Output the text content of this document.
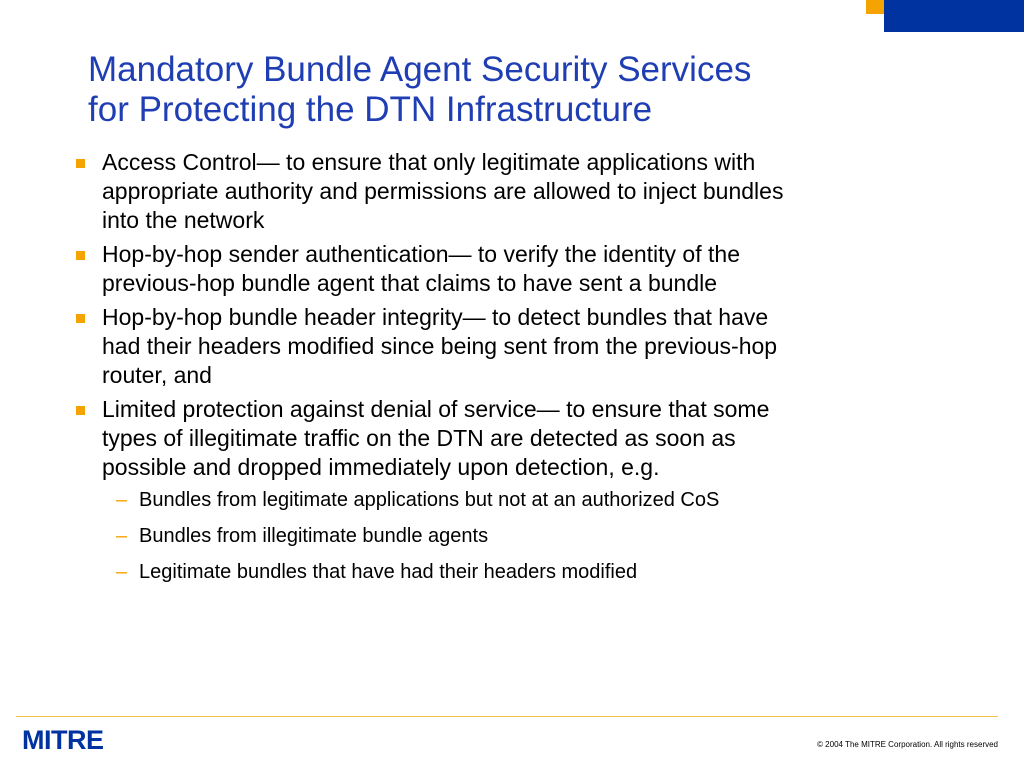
Mandatory Bundle Agent Security Services
for Protecting the DTN Infrastructure
Access Control— to ensure that only legitimate applications with
appropriate authority and permissions are allowed to inject bundles
into the network
Hop-by-hop sender authentication— to verify the identity of the
previous-hop bundle agent that claims to have sent a bundle
Hop-by-hop bundle header integrity— to detect bundles that have
had their headers modified since being sent from the previous-hop
router, and
Limited protection against denial of service— to ensure that some
types of illegitimate traffic on the DTN are detected as soon as
possible and dropped immediately upon detection, e.g.
– Bundles from legitimate applications but not at an authorized CoS
– Bundles from illegitimate bundle agents
– Legitimate bundles that have had their headers modified
MITRE	© 2004 The MITRE Corporation. All rights reserved
